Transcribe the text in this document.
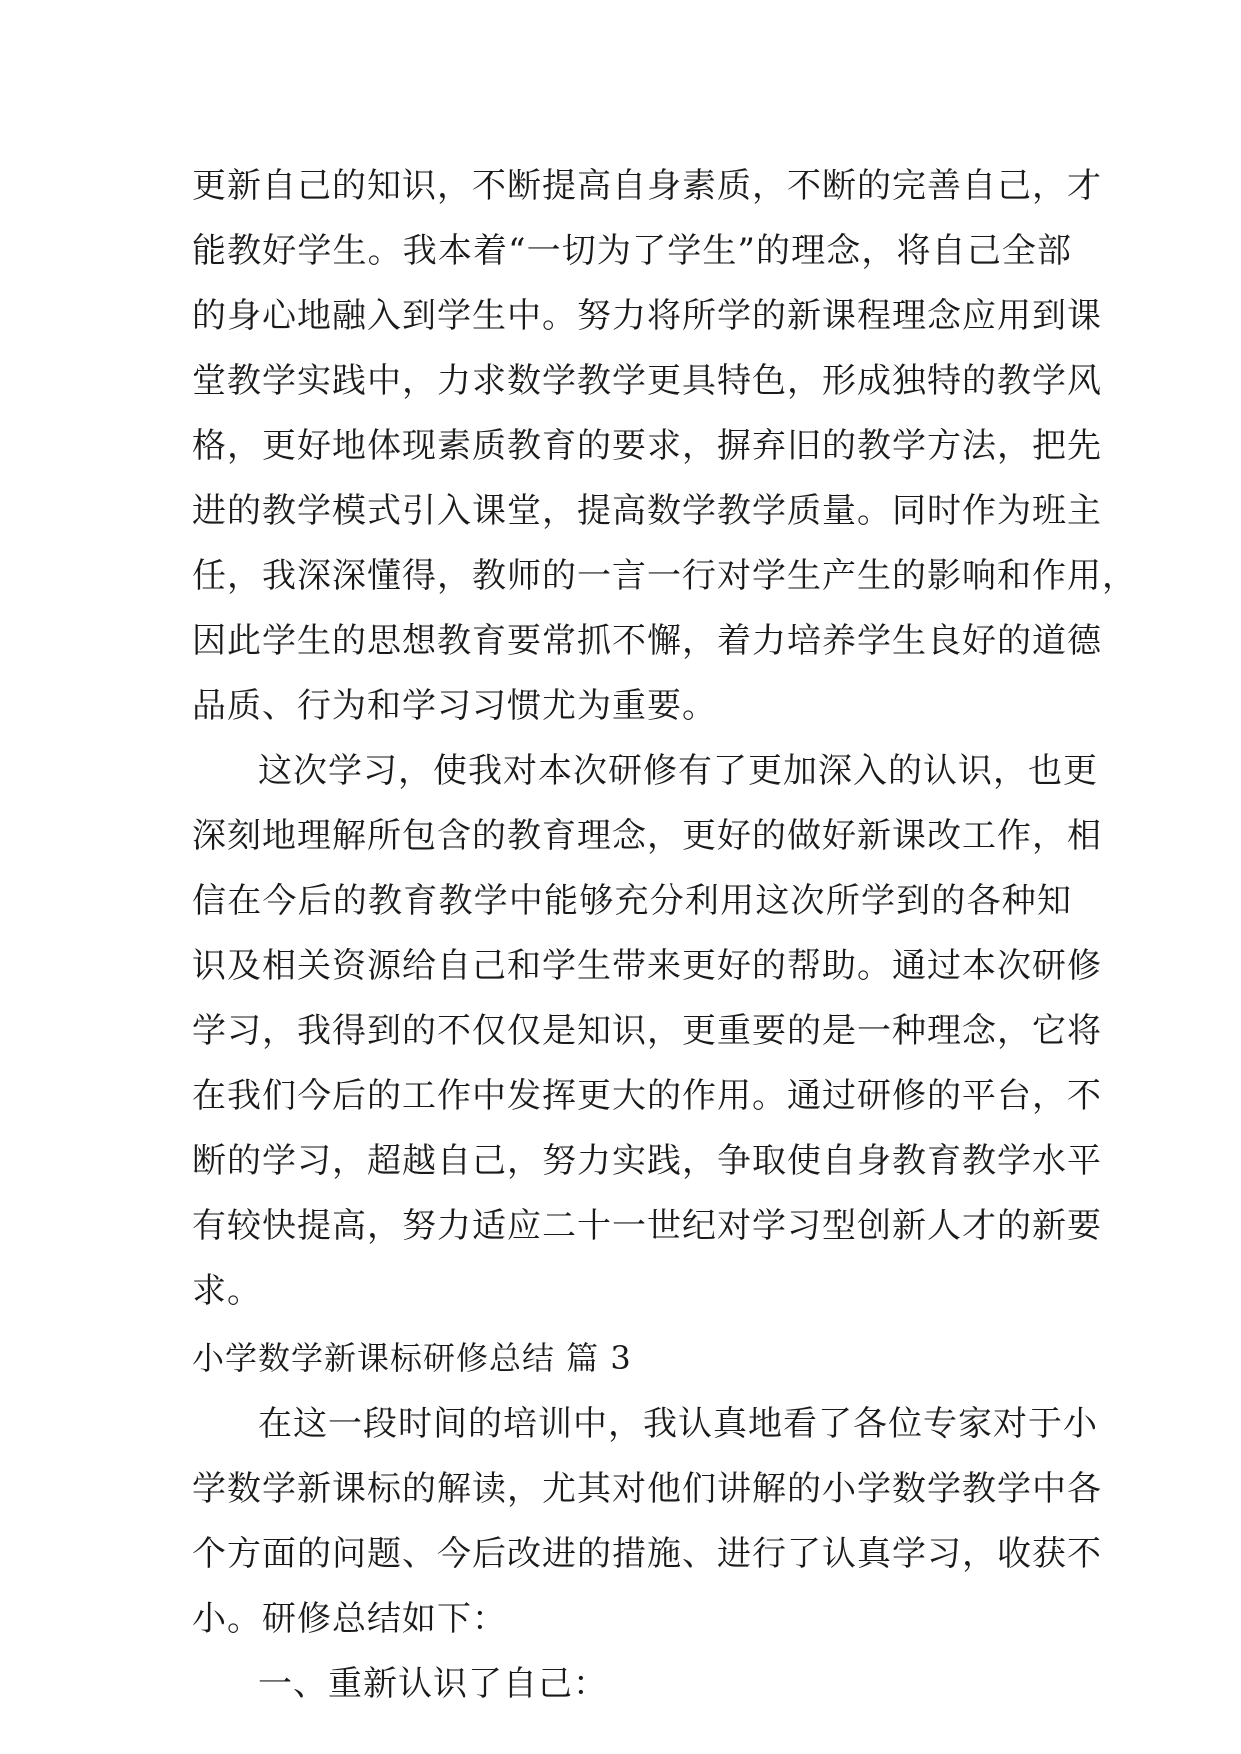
更新自己的知识，不断提高自身素质，不断的完善自己，才
能教好学生。我本着“一切为了学生”的理念，将自己全部
的身心地融入到学生中。努力将所学的新课程理念应用到课
堂教学实践中，力求数学教学更具特色，形成独特的教学风
格，更好地体现素质教育的要求，摒弃旧的教学方法，把先
进的教学模式引入课堂，提高数学教学质量。同时作为班主
任，我深深懂得，教师的一言一行对学生产生的影响和作用，
因此学生的思想教育要常抓不懈，着力培养学生良好的道德
品质、行为和学习习惯尤为重要。
这次学习，使我对本次研修有了更加深入的认识，也更
深刻地理解所包含的教育理念，更好的做好新课改工作，相
信在今后的教育教学中能够充分利用这次所学到的各种知
识及相关资源给自己和学生带来更好的帮助。通过本次研修
学习，我得到的不仅仅是知识，更重要的是一种理念，它将
在我们今后的工作中发挥更大的作用。通过研修的平台，不
断的学习，超越自己，努力实践，争取使自身教育教学水平
有较快提高，努力适应二十一世纪对学习型创新人才的新要
求。
小学数学新课标研修总结 篇 3
在这一段时间的培训中，我认真地看了各位专家对于小
学数学新课标的解读，尤其对他们讲解的小学数学教学中各
个方面的问题、今后改进的措施、进行了认真学习，收获不
小。研修总结如下：
一、重新认识了自己：
